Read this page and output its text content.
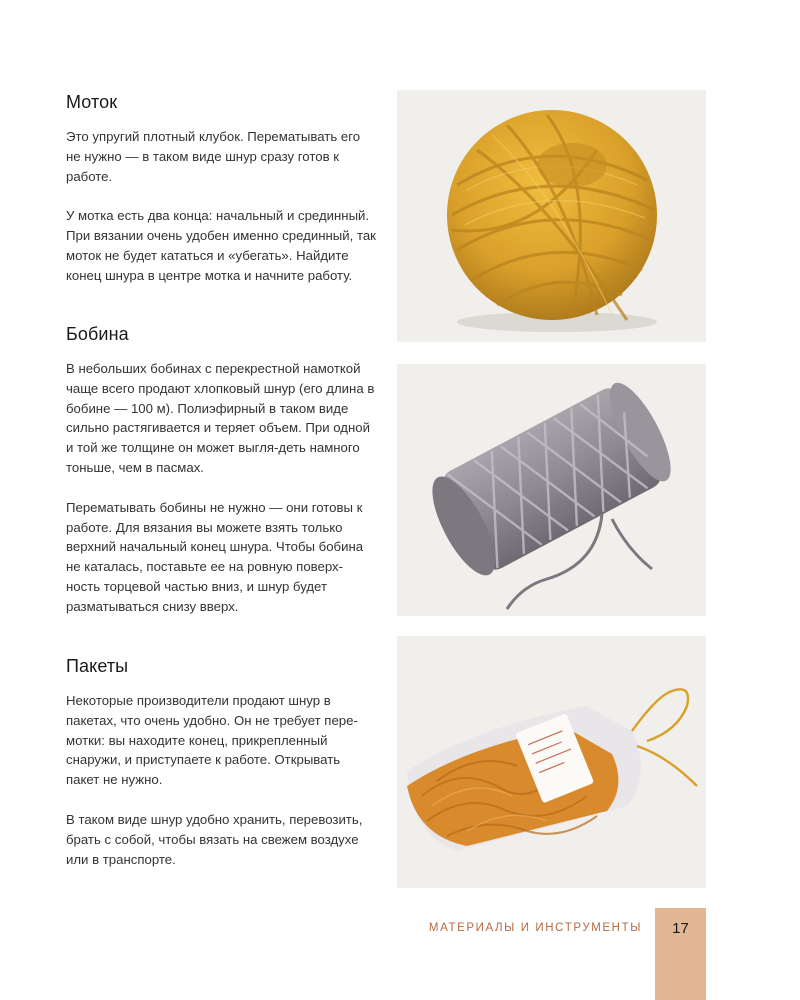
Моток

Это упругий плотный клубок. Перематывать его не нужно — в таком виде шнур сразу готов к работе.

У мотка есть два конца: начальный и срединный. При вязании очень удобен именно срединный, так моток не будет кататься и «убегать». Найдите конец шнура в центре мотка и начните работу.

Бобина

В небольших бобинах с перекрестной намоткой чаще всего продают хлопковый шнур (его длина в бобине — 100 м). Полиэфирный в таком виде сильно растягивается и теряет объем. При одной и той же толщине он может выгля-деть намного тоньше, чем в пасмах.

Перематывать бобины не нужно — они готовы к работе. Для вязания вы можете взять только верхний начальный конец шнура. Чтобы бобина не каталась, поставьте ее на ровную поверх-ность торцевой частью вниз, и шнур будет разматываться снизу вверх.

Пакеты

Некоторые производители продают шнур в пакетах, что очень удобно. Он не требует пере-мотки: вы находите конец, прикрепленный снаружи, и приступаете к работе. Открывать пакет не нужно.

В таком виде шнур удобно хранить, перевозить, брать с собой, чтобы вязать на свежем воздухе или в транспорте.

МАТЕРИАЛЫ И ИНСТРУМЕНТЫ	17
